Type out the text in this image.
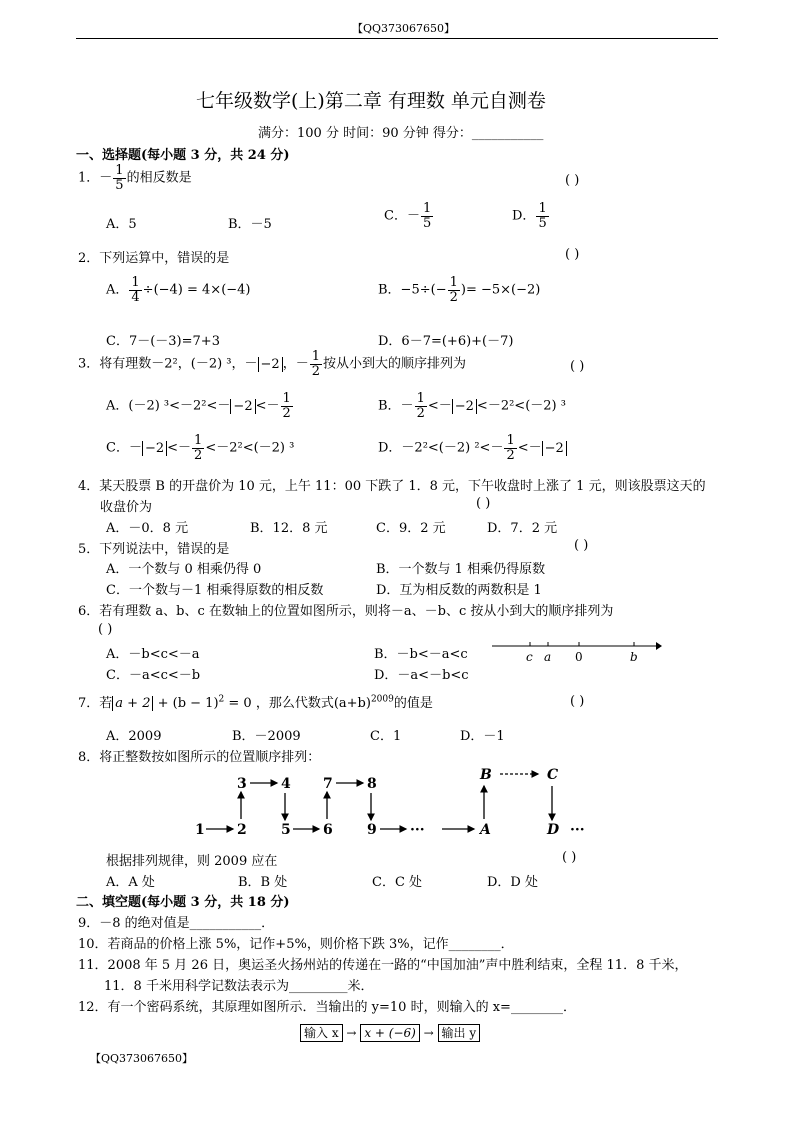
【QQ373067650】
七年级数学(上)第二章 有理数 单元自测卷
满分：100 分 时间：90 分钟 得分：___________
一、选择题(每小题 3 分，共 24 分)
1．－ $\frac{1}{5}$ 的相反数是	( )
A．5	B．－5
C．－ $\frac{1}{5}$	D． $\frac{1}{5}$
2．下列运算中，错误的是	( )
A． $\frac{1}{4} \div(-4) = 4\times(-4)$	B．$-5\div(- \frac{1}{2}$ )= −5×(−2)
C．7－(－3)=7+3	D．6－7=(+6)+(－7)
3．将有理数－2²，(－2) ³，－ −2 ，－ $\frac{1}{2}$ 按从小到大的顺序排列为	( )
A．(－2) $^3<-2^2<- -2 <- \frac{1}{2}$	B．－ $\frac{1}{2} <- -2 <-2^2<(-2)$ ³
C．－ $-2 <- \frac{1}{2} <-2^2<(-2)$ ³	D．－2²<(－2) $^2<- \frac{1}{2} <- -2$
4．某天股票 B 的开盘价为 10 元，上午 11：00 下跌了 1．8 元，下午收盘时上涨了 1 元，则该股票这天的
收盘价为	( )
A．－0．8 元	B．12．8 元	C．9．2 元	D．7．2 元
5．下列说法中，错误的是	( )
A．一个数与 0 相乘仍得 0	B．一个数与 1 相乘仍得原数
C．一个数与－1 相乘得原数的相反数	D．互为相反数的两数积是 1
6．若有理数 a、b、c 在数轴上的位置如图所示，则将－a、－b、c 按从小到大的顺序排列为
( )
A．－b<c<－a	B．－b<－a<c
C．－a<c<－b	D．－a<－b<c
c a 0	b
7．若 $a + 2 + (b - 1)^2 = 0$ ，那么代数式$(a+b)^{2009}$的值是	( )
A．2009	B．－2009	C．1	D．－1
8．将正整数按如图所示的位置顺序排列：
1 2
3 4
5 6
7 8
9 ···	A
B	C
D ···
根据排列规律，则 2009 应在	( )
A．A 处	B．B 处	C．C 处	D．D 处
二、填空题(每小题 3 分，共 18 分)
9．－8 的绝对值是___________．
10．若商品的价格上涨 5%，记作+5%，则价格下跌 3%，记作________．
11．2008 年 5 月 26 日，奥运圣火扬州站的传递在一路的“中国加油”声中胜利结束，全程 11．8 千米，
11．8 千米用科学记数法表示为_________米．
12．有一个密码系统，其原理如图所示．当输出的 y=10 时，则输入的 x=________．
输入 x → x + (−6) → 输出 y
【QQ373067650】
